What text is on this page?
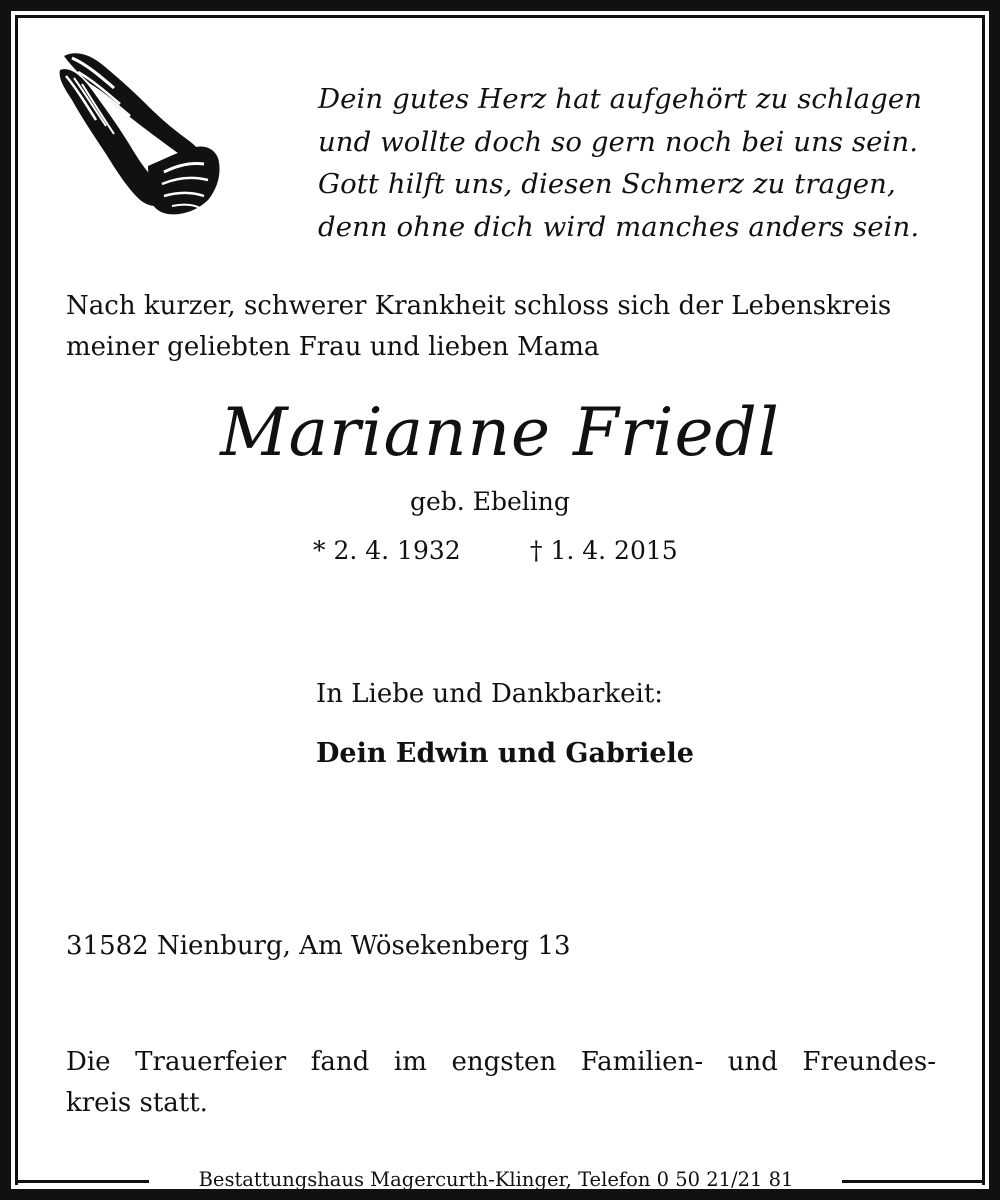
Dein gutes Herz hat aufgehört zu schlagen
und wollte doch so gern noch bei uns sein.
Gott hilft uns, diesen Schmerz zu tragen,
denn ohne dich wird manches anders sein.
Nach kurzer, schwerer Krankheit schloss sich der Lebenskreis
meiner geliebten Frau und lieben Mama
Marianne Friedl
geb. Ebeling
* 2. 4. 1932	† 1. 4. 2015
In Liebe und Dankbarkeit:
Dein Edwin und Gabriele
31582 Nienburg, Am Wösekenberg 13
Die Trauerfeier fand im engsten Familien- und Freundes-
kreis statt.
Bestattungshaus Magercurth-Klinger, Telefon 0 50 21/21 81
